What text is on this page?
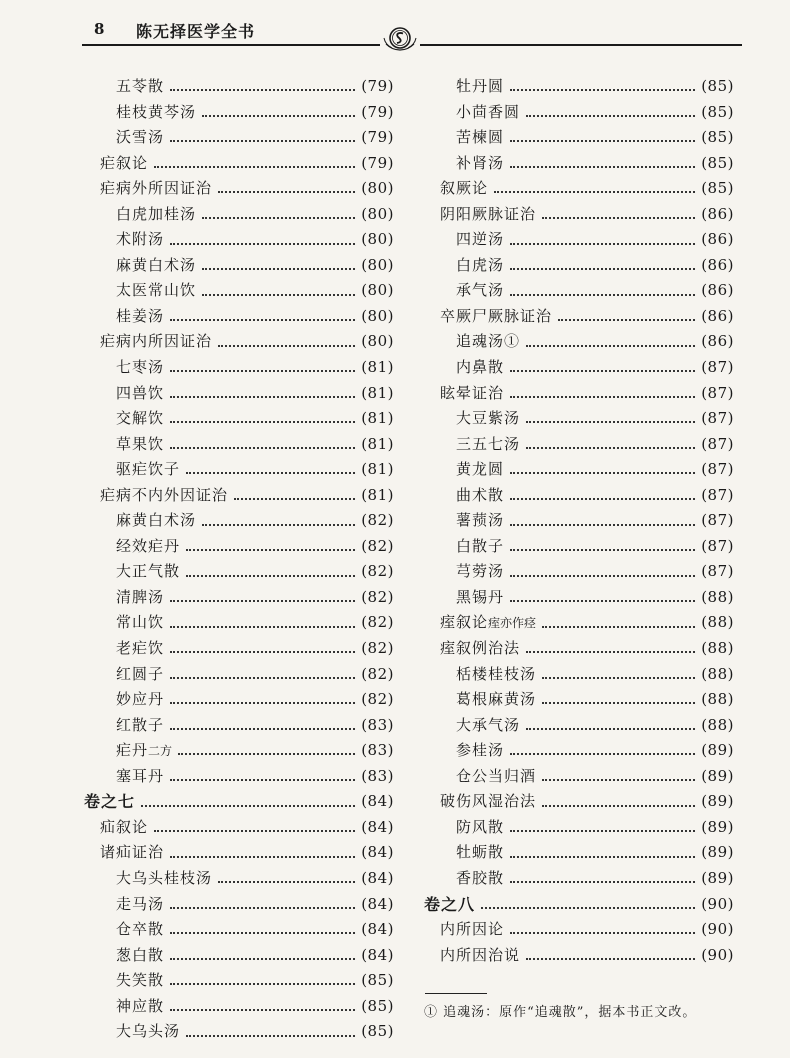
8 陈无择医学全书
五苓散	(79)
桂枝黄芩汤	(79)
沃雪汤	(79)
疟叙论	(79)
疟病外所因证治	(80)
白虎加桂汤	(80)
术附汤	(80)
麻黄白术汤	(80)
太医常山饮	(80)
桂姜汤	(80)
疟病内所因证治	(80)
七枣汤	(81)
四兽饮	(81)
交解饮	(81)
草果饮	(81)
驱疟饮子	(81)
疟病不内外因证治	(81)
麻黄白术汤	(82)
经效疟丹	(82)
大正气散	(82)
清脾汤	(82)
常山饮	(82)
老疟饮	(82)
红圆子	(82)
妙应丹	(82)
红散子	(83)
疟丹二方	(83)
塞耳丹	(83)
卷之七	(84)
疝叙论	(84)
诸疝证治	(84)
大乌头桂枝汤	(84)
走马汤	(84)
仓卒散	(84)
葱白散	(84)
失笑散	(85)
神应散	(85)
大乌头汤	(85)
牡丹圆	(85)
小茴香圆	(85)
苦楝圆	(85)
补肾汤	(85)
叙厥论	(85)
阴阳厥脉证治	(86)
四逆汤	(86)
白虎汤	(86)
承气汤	(86)
卒厥尸厥脉证治	(86)
追魂汤①	(86)
内鼻散	(87)
眩晕证治	(87)
大豆紫汤	(87)
三五七汤	(87)
黄龙圆	(87)
曲术散	(87)
薯蓣汤	(87)
白散子	(87)
芎䓖汤	(87)
黑锡丹	(88)
痓叙论痓亦作痉	(88)
痓叙例治法	(88)
栝楼桂枝汤	(88)
葛根麻黄汤	(88)
大承气汤	(88)
参桂汤	(89)
仓公当归酒	(89)
破伤风湿治法	(89)
防风散	(89)
牡蛎散	(89)
香胶散	(89)
卷之八	(90)
内所因论	(90)
内所因治说	(90)
① 追魂汤：原作“追魂散”，据本书正文改。
